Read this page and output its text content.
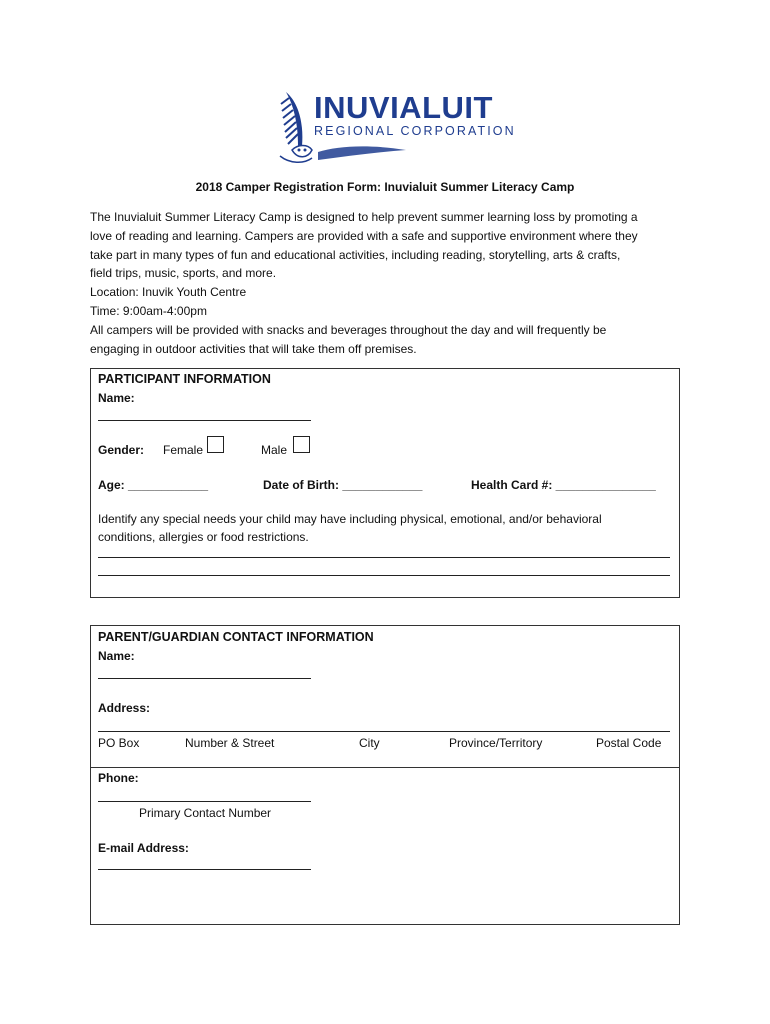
INUVIALUIT
REGIONAL CORPORATION
2018 Camper Registration Form: Inuvialuit Summer Literacy Camp

The Inuvialuit Summer Literacy Camp is designed to help prevent summer learning loss by promoting a

love of reading and learning. Campers are provided with a safe and supportive environment where they

take part in many types of fun and educational activities, including reading, storytelling, arts & crafts,

field trips, music, sports, and more.

Location: Inuvik Youth Centre

Time: 9:00am-4:00pm

All campers will be provided with snacks and beverages throughout the day and will frequently be

engaging in outdoor activities that will take them off premises.

PARTICIPANT INFORMATION
Name:
Gender: Female	Male
Age: ____________	Date of Birth: ____________	Health Card #: _______________
Identify any special needs your child may have including physical, emotional, and/or behavioral
conditions, allergies or food restrictions.
PARENT/GUARDIAN CONTACT INFORMATION
Name:
Address:
PO Box	Number & Street	City	Province/Territory	Postal Code
Phone:
Primary Contact Number
E-mail Address:
